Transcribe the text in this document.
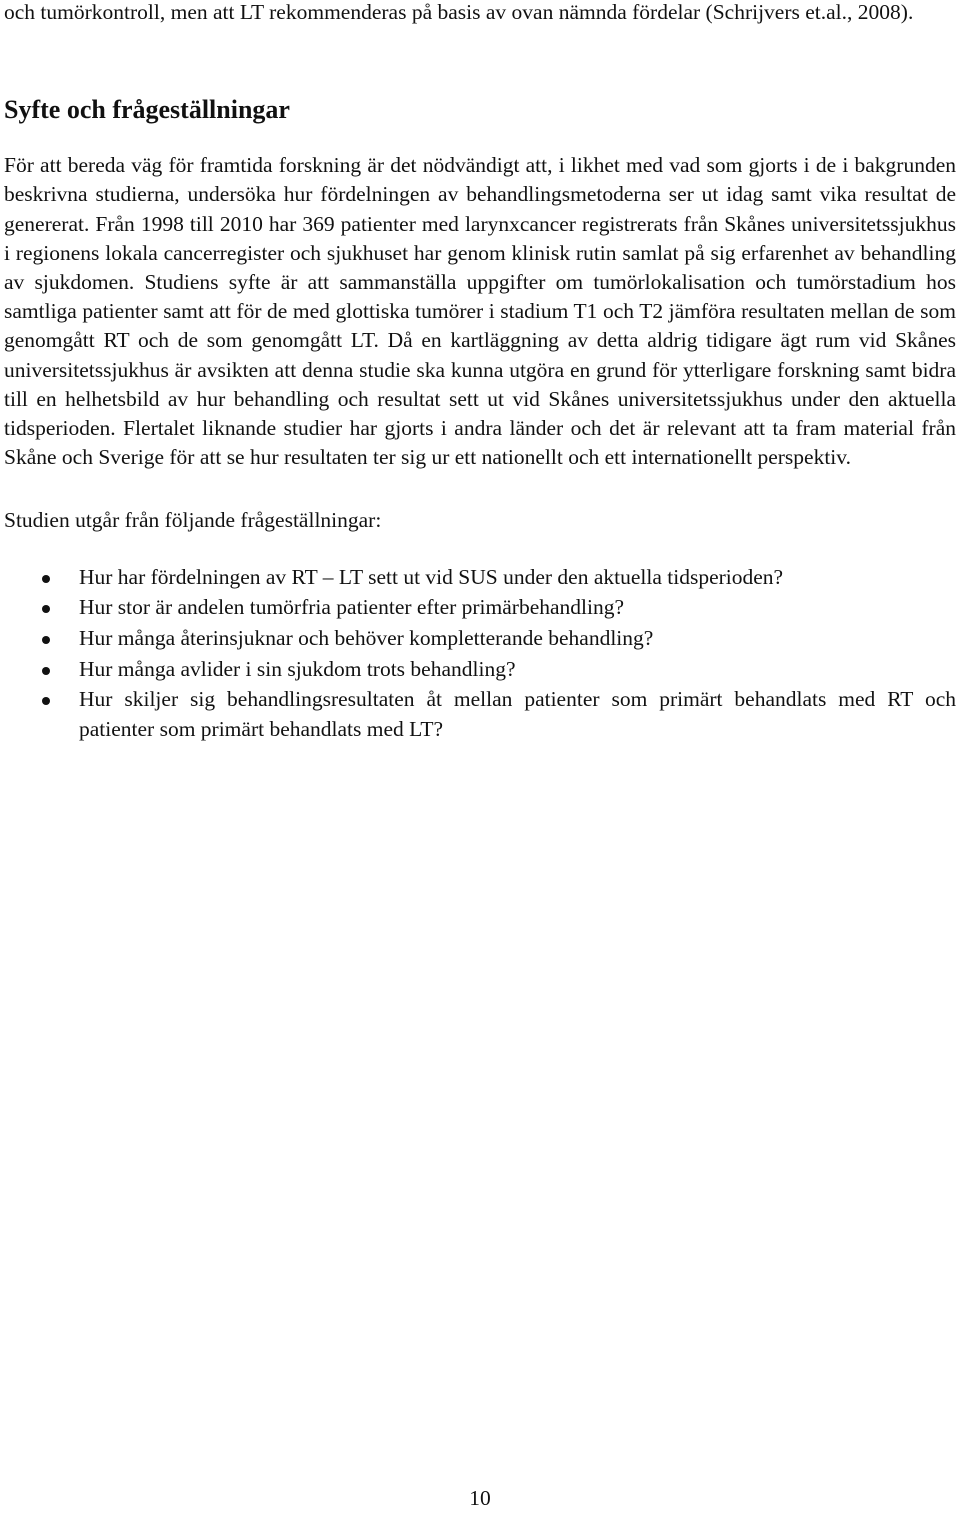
och tumörkontroll, men att LT rekommenderas på basis av ovan nämnda fördelar (Schrijvers et.al., 2008).

Syfte och frågeställningar

För att bereda väg för framtida forskning är det nödvändigt att, i likhet med vad som gjorts i de i bakgrunden beskrivna studierna, undersöka hur fördelningen av behandlingsmetoderna ser ut idag samt vika resultat de genererat. Från 1998 till 2010 har 369 patienter med larynxcancer registrerats från Skånes universitetssjukhus i regionens lokala cancerregister och sjukhuset har genom klinisk rutin samlat på sig erfarenhet av behandling av sjukdomen. Studiens syfte är att sammanställa uppgifter om tumörlokalisation och tumörstadium hos samtliga patienter samt att för de med glottiska tumörer i stadium T1 och T2 jämföra resultaten mellan de som genomgått RT och de som genomgått LT. Då en kartläggning av detta aldrig tidigare ägt rum vid Skånes universitetssjukhus är avsikten att denna studie ska kunna utgöra en grund för ytterligare forskning samt bidra till en helhetsbild av hur behandling och resultat sett ut vid Skånes universitetssjukhus under den aktuella tidsperioden. Flertalet liknande studier har gjorts i andra länder och det är relevant att ta fram material från Skåne och Sverige för att se hur resultaten ter sig ur ett nationellt och ett internationellt perspektiv.

Studien utgår från följande frågeställningar:

Hur har fördelningen av RT – LT sett ut vid SUS under den aktuella tidsperioden?
Hur stor är andelen tumörfria patienter efter primärbehandling?
Hur många återinsjuknar och behöver kompletterande behandling?
Hur många avlider i sin sjukdom trots behandling?
Hur skiljer sig behandlingsresultaten åt mellan patienter som primärt behandlats med RT och patienter som primärt behandlats med LT?
10
